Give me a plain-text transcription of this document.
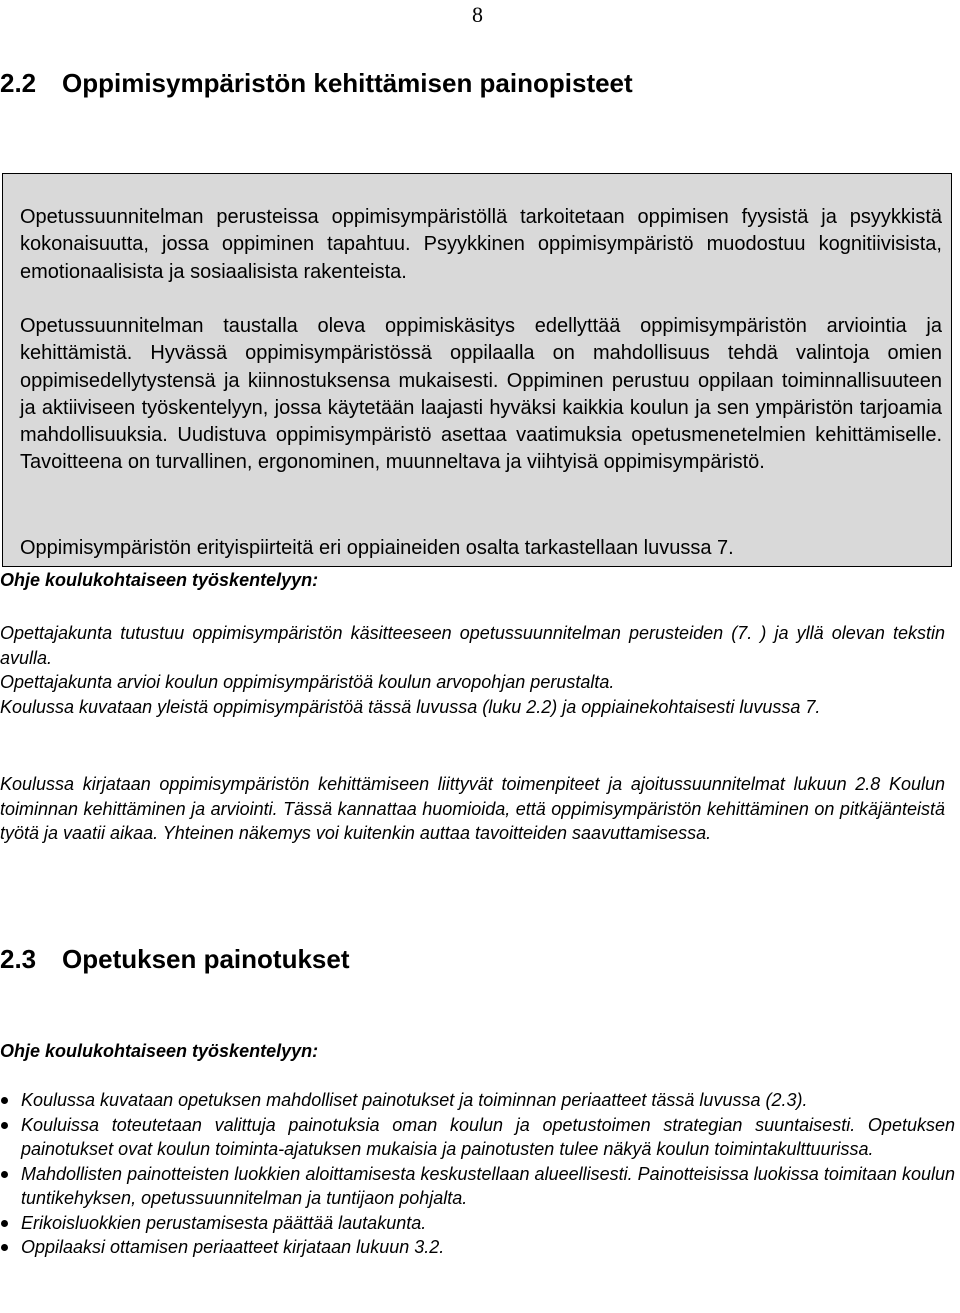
8
2.2 Oppimisympäristön kehittämisen painopisteet

Opetussuunnitelman perusteissa oppimisympäristöllä tarkoitetaan oppimisen fyysistä ja psyykkistä kokonaisuutta, jossa oppiminen tapahtuu. Psyykkinen oppimisympäristö muodostuu kognitiivisista, emotionaalisista ja sosiaalisista rakenteista.

Opetussuunnitelman taustalla oleva oppimiskäsitys edellyttää oppimisympäristön arviointia ja kehittämistä. Hyvässä oppimisympäristössä oppilaalla on mahdollisuus tehdä valintoja omien oppimisedellytystensä ja kiinnostuksensa mukaisesti. Oppiminen perustuu oppilaan toiminnallisuuteen ja aktiiviseen työskentelyyn, jossa käytetään laajasti hyväksi kaikkia koulun ja sen ympäristön tarjoamia mahdollisuuksia. Uudistuva oppimisympäristö asettaa vaatimuksia opetusmenetelmien kehittämiselle. Tavoitteena on turvallinen, ergonominen, muunneltava ja viihtyisä oppimisympäristö.

Oppimisympäristön erityispiirteitä eri oppiaineiden osalta tarkastellaan luvussa 7.

Ohje koulukohtaiseen työskentelyyn:

Opettajakunta tutustuu oppimisympäristön käsitteeseen opetussuunnitelman perusteiden (7. ) ja yllä olevan tekstin avulla.
Opettajakunta arvioi koulun oppimisympäristöä koulun arvopohjan perustalta.
Koulussa kuvataan yleistä oppimisympäristöä tässä luvussa (luku 2.2) ja oppiainekohtaisesti luvussa 7.

Koulussa kirjataan oppimisympäristön kehittämiseen liittyvät toimenpiteet ja ajoitussuunnitelmat lukuun 2.8 Koulun toiminnan kehittäminen ja arviointi. Tässä kannattaa huomioida, että oppimisympäristön kehittäminen on pitkäjänteistä työtä ja vaatii aikaa. Yhteinen näkemys voi kuitenkin auttaa tavoitteiden saavuttamisessa.

2.3 Opetuksen painotukset

Ohje koulukohtaiseen työskentelyyn:

Koulussa kuvataan opetuksen mahdolliset painotukset ja toiminnan periaatteet tässä luvussa (2.3).
Kouluissa toteutetaan valittuja painotuksia oman koulun ja opetustoimen strategian suuntaisesti. Opetuksen painotukset ovat koulun toiminta-ajatuksen mukaisia ja painotusten tulee näkyä koulun toimintakulttuurissa.
Mahdollisten painotteisten luokkien aloittamisesta keskustellaan alueellisesti. Painotteisissa luokissa toimitaan koulun tuntikehyksen, opetussuunnitelman ja tuntijaon pohjalta.
Erikoisluokkien perustamisesta päättää lautakunta.
Oppilaaksi ottamisen periaatteet kirjataan lukuun 3.2.
